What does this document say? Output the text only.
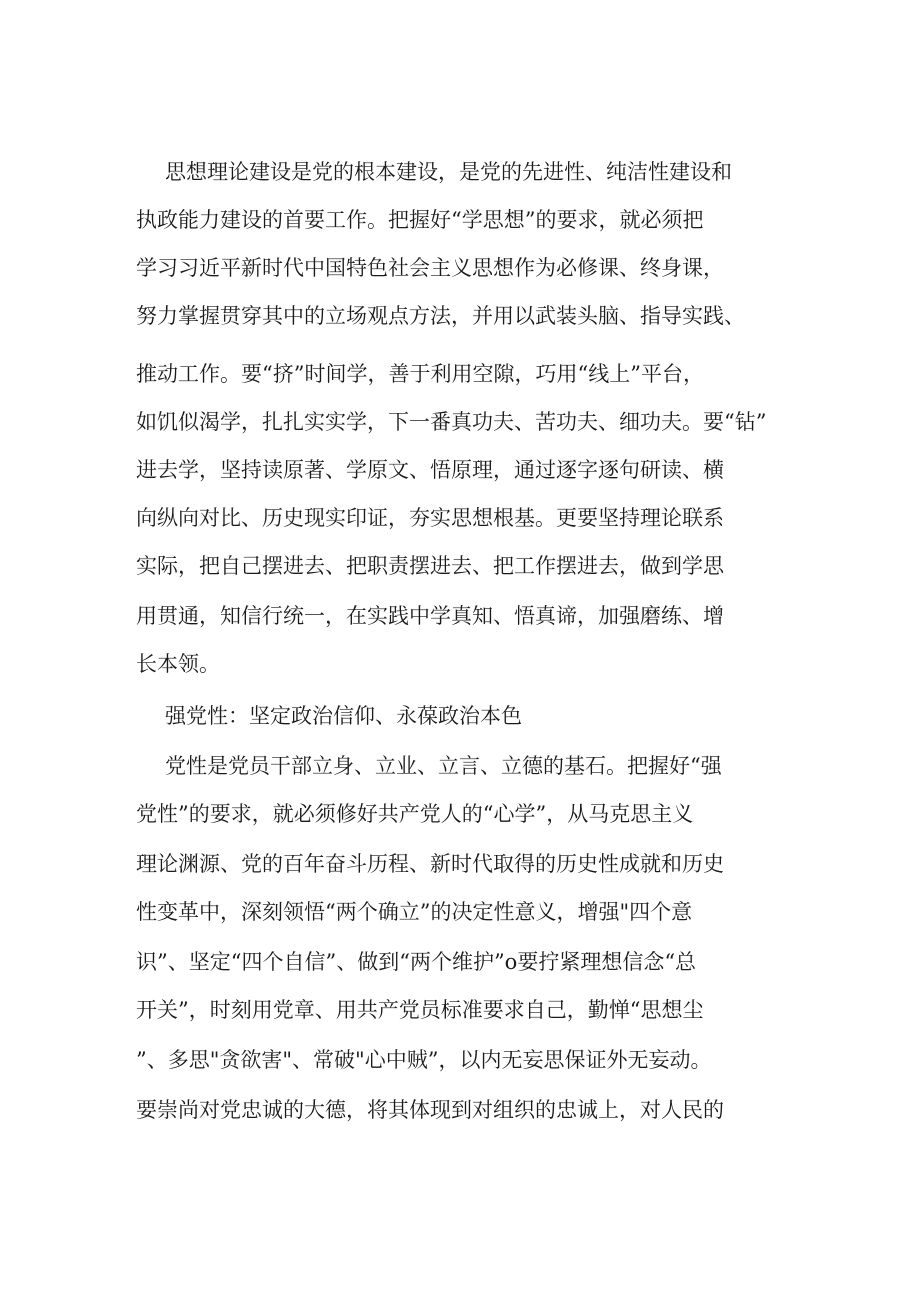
思想理论建设是党的根本建设，是党的先进性、纯洁性建设和
执政能力建设的首要工作。把握好“学思想”的要求，就必须把
学习习近平新时代中国特色社会主义思想作为必修课、终身课，
努力掌握贯穿其中的立场观点方法，并用以武装头脑、指导实践、
推动工作。要“挤”时间学，善于利用空隙，巧用“线上”平台，
如饥似渴学，扎扎实实学，下一番真功夫、苦功夫、细功夫。要“钻”
进去学，坚持读原著、学原文、悟原理，通过逐字逐句研读、横
向纵向对比、历史现实印证，夯实思想根基。更要坚持理论联系
实际，把自己摆进去、把职责摆进去、把工作摆进去，做到学思
用贯通，知信行统一，在实践中学真知、悟真谛，加强磨练、增
长本领。
强党性：坚定政治信仰、永葆政治本色
党性是党员干部立身、立业、立言、立德的基石。把握好“强
党性”的要求，就必须修好共产党人的“心学”，从马克思主义
理论渊源、党的百年奋斗历程、新时代取得的历史性成就和历史
性变革中，深刻领悟“两个确立”的决定性意义，增强"四个意
识”、坚定“四个自信”、做到“两个维护”o要拧紧理想信念“总
开关”，时刻用党章、用共产党员标准要求自己，勤惮“思想尘
”、多思"贪欲害"、常破"心中贼”，以内无妄思保证外无妄动。
要崇尚对党忠诚的大德，将其体现到对组织的忠诚上，对人民的
